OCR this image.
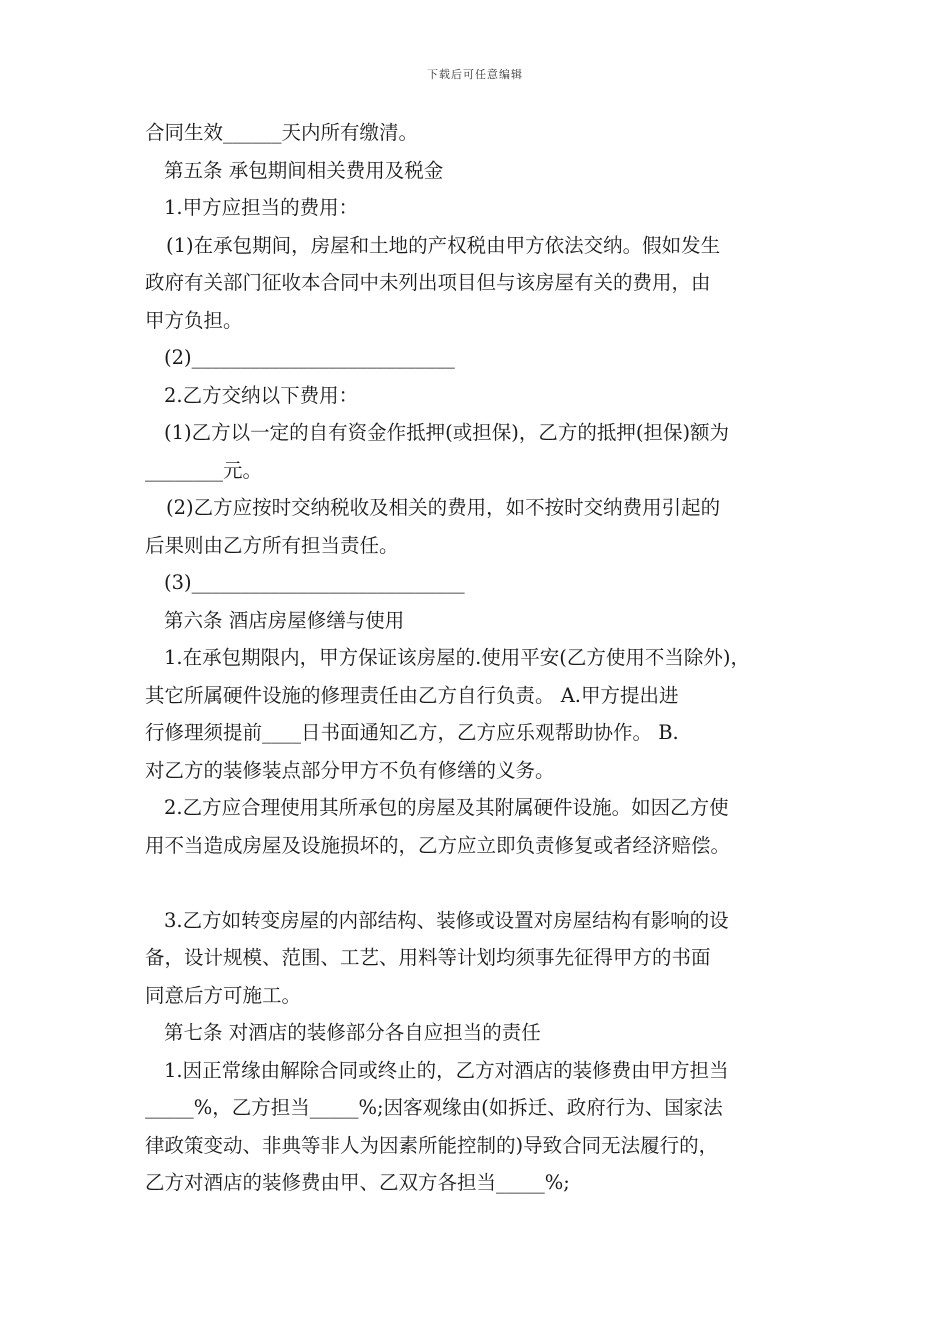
下载后可任意编辑
合同生效______天内所有缴清。
第五条 承包期间相关费用及税金
1.甲方应担当的费用：
(1)在承包期间，房屋和土地的产权税由甲方依法交纳。假如发生
政府有关部门征收本合同中未列出项目但与该房屋有关的费用，由
甲方负担。
(2)___________________________
2.乙方交纳以下费用：
(1)乙方以一定的自有资金作抵押(或担保)，乙方的抵押(担保)额为
________元。
(2)乙方应按时交纳税收及相关的费用，如不按时交纳费用引起的
后果则由乙方所有担当责任。
(3)____________________________
第六条 酒店房屋修缮与使用
1.在承包期限内，甲方保证该房屋的.使用平安(乙方使用不当除外)，
其它所属硬件设施的修理责任由乙方自行负责。 A.甲方提出进
行修理须提前____日书面通知乙方，乙方应乐观帮助协作。 B.
对乙方的装修装点部分甲方不负有修缮的义务。
2.乙方应合理使用其所承包的房屋及其附属硬件设施。如因乙方使
用不当造成房屋及设施损坏的，乙方应立即负责修复或者经济赔偿。
3.乙方如转变房屋的内部结构、装修或设置对房屋结构有影响的设
备，设计规模、范围、工艺、用料等计划均须事先征得甲方的书面
同意后方可施工。
第七条 对酒店的装修部分各自应担当的责任
1.因正常缘由解除合同或终止的，乙方对酒店的装修费由甲方担当
_____%，乙方担当_____%;因客观缘由(如拆迁、政府行为、国家法
律政策变动、非典等非人为因素所能控制的)导致合同无法履行的，
乙方对酒店的装修费由甲、乙双方各担当_____%;
